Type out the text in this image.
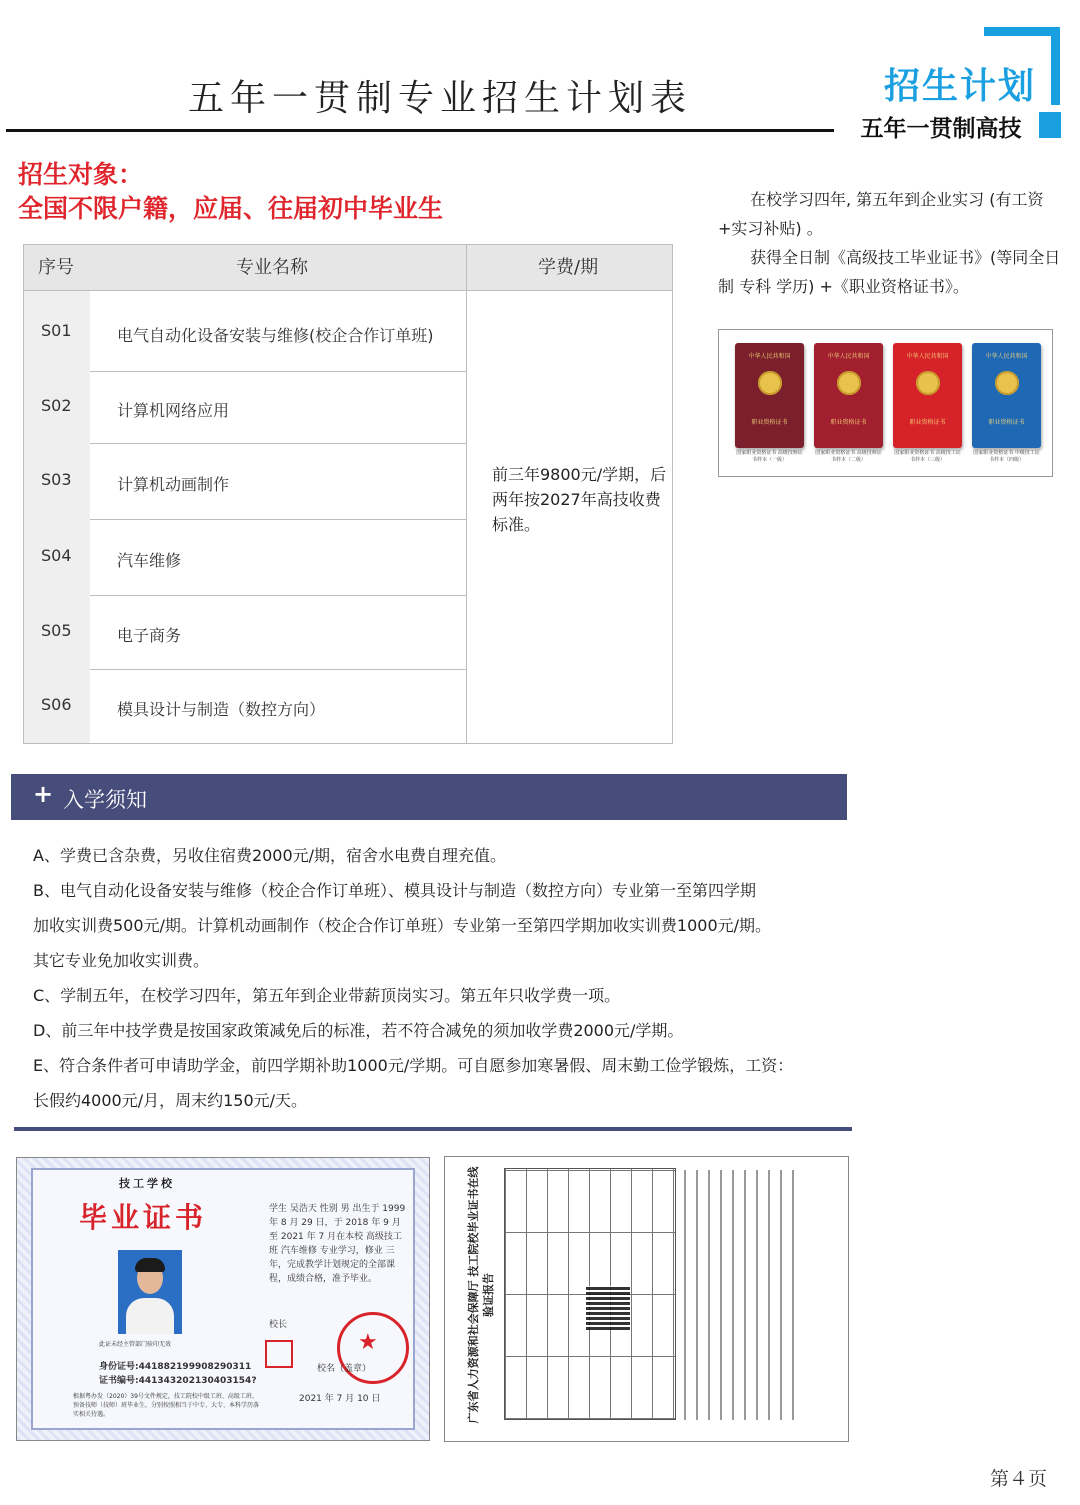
五年一贯制专业招生计划表	招生计划
五年一贯制高技
招生对象：
全国不限户籍，应届、往届初中毕业生
序号	专业名称	学费/期
S01	电气自动化设备安装与维修(校企合作订单班)
S02	计算机网络应用
S03	计算机动画制作
S04	汽车维修
S05	电子商务
S06	模具设计与制造（数控方向）
前三年9800元/学期，后两年按2027年高技收费标准。

在校学习四年, 第五年到企业实习 (有工资+实习补贴) 。

获得全日制《高级技工毕业证书》(等同全日制 专科 学历) +《职业资格证书》。

中华人民共和国
职业资格证书
国家职业资格证书 高级技师证书样本（一级）
中华人民共和国
职业资格证书
国家职业资格证书 高级技师证书样本（二级）
中华人民共和国
职业资格证书
国家职业资格证书 高级技工证书样本（三级）
中华人民共和国
职业资格证书
国家职业资格证书 中级技工证书样本（四级）
+ 入学须知

A、学费已含杂费，另收住宿费2000元/期，宿舍水电费自理充值。

B、电气自动化设备安装与维修（校企合作订单班）、模具设计与制造（数控方向）专业第一至第四学期

加收实训费500元/期。计算机动画制作（校企合作订单班）专业第一至第四学期加收实训费1000元/期。

其它专业免加收实训费。

C、学制五年，在校学习四年，第五年到企业带薪顶岗实习。第五年只收学费一项。

D、前三年中技学费是按国家政策减免后的标准，若不符合减免的须加收学费2000元/学期。

E、符合条件者可申请助学金，前四学期补助1000元/学期。可自愿参加寒暑假、周末勤工俭学锻炼，工资：

长假约4000元/月，周末约150元/天。

技工学校
毕业证书
此证未经主管部门验印无效
身份证号:441882199908290311
证书编号:441343202130403154?
根据粤办发（2020）39号文件规定，技工院校中级工班、高级工班、预备技师（技师）班毕业生，分别按照相当于中专、大专、本科学历落实相关待遇。
学生 吴浩天 性别 男 出生于 1999 年 8 月 29 日，于 2018 年 9 月至 2021 年 7 月在本校 高级技工 班 汽车维修 专业学习，修业 三 年，完成教学计划规定的全部课程，成绩合格，准予毕业。
校长
★
校名（盖章）
2021 年 7 月 10 日	广东省人力资源和社会保障厅 技工院校毕业证书在线验证报告
第４页
